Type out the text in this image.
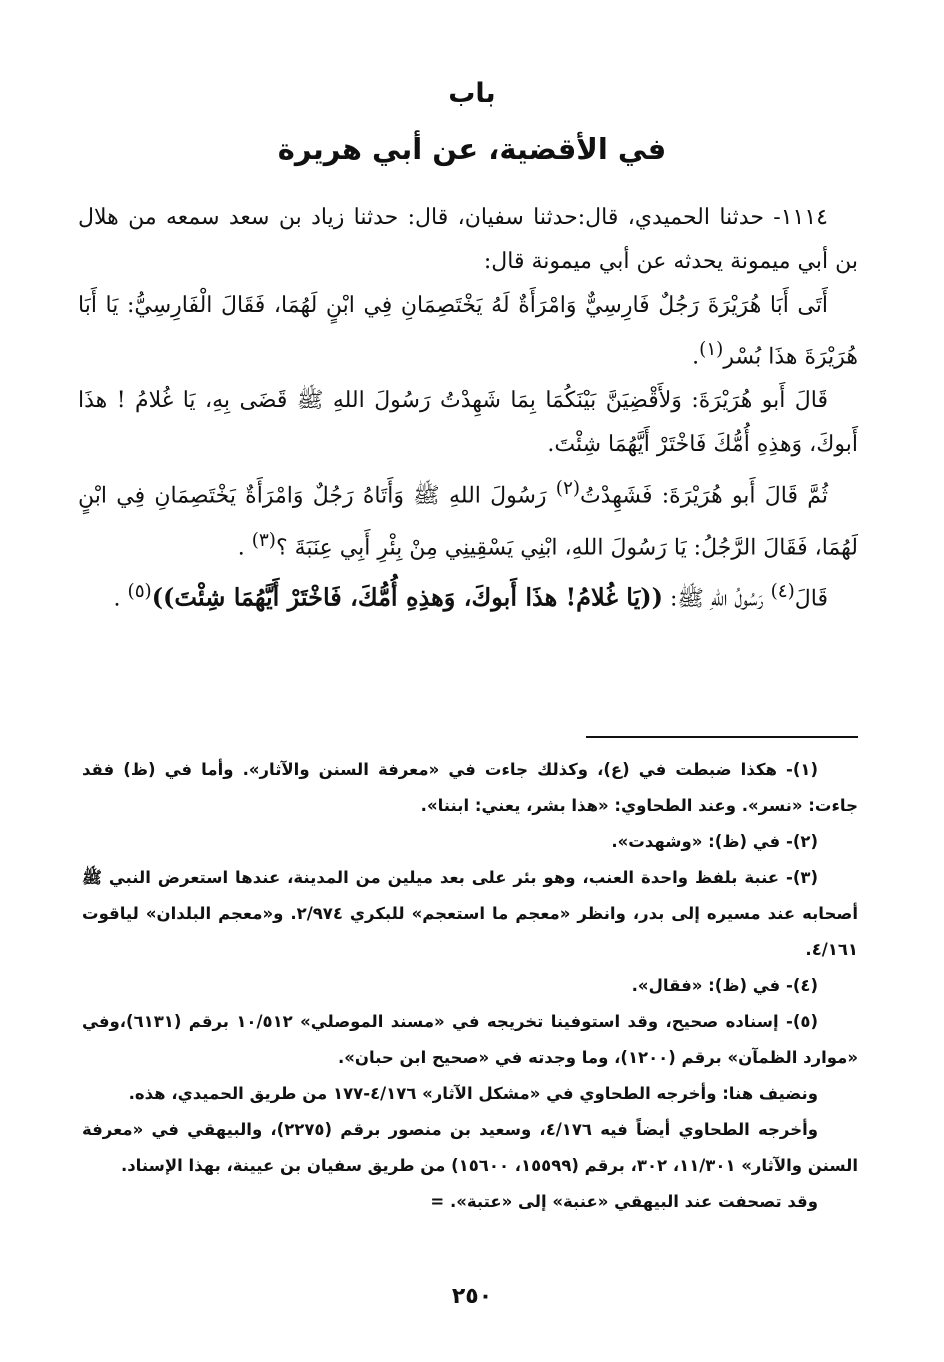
باب
في الأقضية، عن أبي هريرة

١١١٤- حدثنا الحميدي، قال:حدثنا سفيان، قال: حدثنا زياد بن سعد سمعه من هلال بن أبي ميمونة يحدثه عن أبي ميمونة قال:

أَتَى أَبَا هُرَيْرَةَ رَجُلٌ فَارِسِيٌّ وَامْرَأَةٌ لَهُ يَخْتَصِمَانِ فِي ابْنٍ لَهُمَا، فَقَالَ الْفَارِسِيُّ: يَا أَبَا هُرَيْرَةَ هذَا بُسْر$^{(١)}$.

قَالَ أَبو هُرَيْرَةَ: وَلأَقْضِيَنَّ بَيْنَكُمَا بِمَا شَهِدْتُ رَسُولَ اللهِ ﷺ قَضَى بِهِ، يَا غُلامُ ! هذَا أَبوكَ، وَهذِهِ أُمُّكَ فَاخْتَرْ أَيَّهُمَا شِئْتَ.

ثُمَّ قَالَ أَبو هُرَيْرَةَ: فَشَهِدْتُ$^{(٢)}$ رَسُولَ اللهِ ﷺ وَأَتَاهُ رَجُلٌ وَامْرَأَةٌ يَخْتَصِمَانِ فِي ابْنٍ لَهُمَا، فَقَالَ الرَّجُلُ: يَا رَسُولَ اللهِ، ابْنِي يَسْقِينِي مِنْ بِئْرِ أَبِي عِنَبَةَ ؟$^{(٣)}$ .

قَالَ$^{(٤)}$ رَسُولُ اللهِ ﷺ: ((يَا غُلامُ! هذَا أَبوكَ، وَهذِهِ أُمُّكَ، فَاخْتَرْ أَيَّهُمَا شِئْتَ))$^{(٥)}$ .

(١)- هكذا ضبطت في (ع)، وكذلك جاءت في «معرفة السنن والآثار». وأما في (ظ) فقد جاءت: «نسر». وعند الطحاوي: «هذا بشر، يعني: ابننا».

(٢)- في (ظ): «وشهدت».

(٣)- عنبة بلفظ واحدة العنب، وهو بئر على بعد ميلين من المدينة، عندها استعرض النبي ﷺ أصحابه عند مسيره إلى بدر، وانظر «معجم ما استعجم» للبكري ٢/٩٧٤. و«معجم البلدان» لياقوت ٤/١٦١.

(٤)- في (ظ): «فقال».

(٥)- إسناده صحيح، وقد استوفينا تخريجه في «مسند الموصلي» ١٠/٥١٢ برقم (٦١٣١)،وفي «موارد الظمآن» برقم (١٢٠٠)، وما وجدته في «صحيح ابن حبان».

ونضيف هنا: وأخرجه الطحاوي في «مشكل الآثار» ٤/١٧٦-١٧٧ من طريق الحميدي، هذه.

وأخرجه الطحاوي أيضاً فيه ٤/١٧٦، وسعيد بن منصور برقم (٢٢٧٥)، والبيهقي في «معرفة السنن والآثار» ١١/٣٠١، ٣٠٢، برقم (١٥٥٩٩، ١٥٦٠٠) من طريق سفيان بن عيينة، بهذا الإسناد.

وقد تصحفت عند البيهقي «عنبة» إلى «عتبة». =

٢٥٠
